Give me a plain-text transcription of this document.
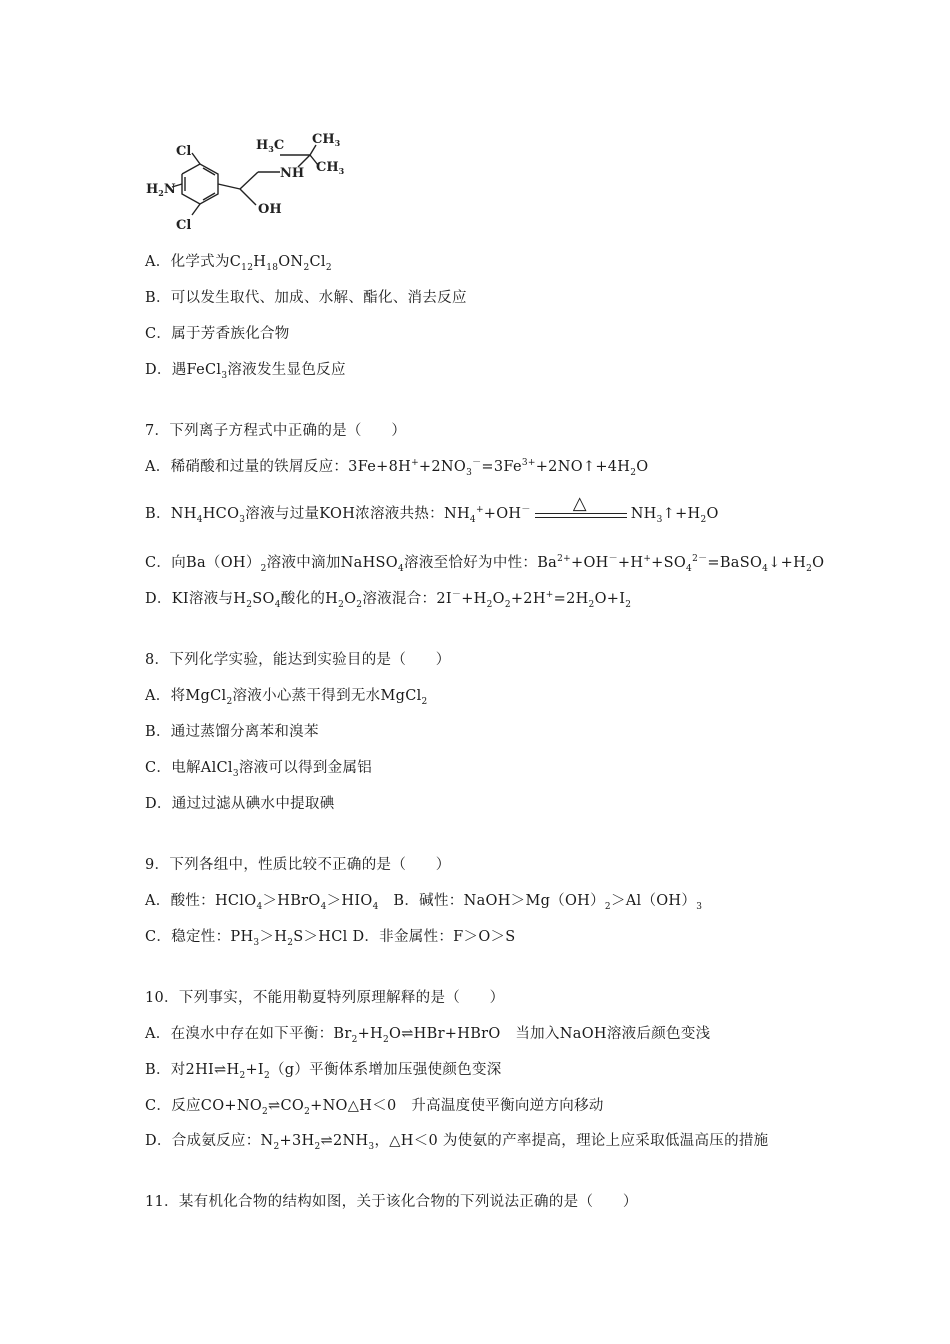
$H_2N$
Cl
Cl
NH
$H_3C$ $CH_3$
$CH_3$
OH
A．化学式为$C_{12}H_{18}ON_2Cl_2$
B．可以发生取代、加成、水解、酯化、消去反应
C．属于芳香族化合物
D．遇FeCl$_3$溶液发生显色反应
7．下列离子方程式中正确的是（　　）
A．稀硝酸和过量的铁屑反应：$3Fe+8H^++2NO_3^-=3Fe^{3+}+2NO↑+4H_2O$
B．$NH_4HCO_3$溶液与过量KOH浓溶液共热：$NH_4^++OH^-$ △	$NH_3↑+H_2O$
C．向$Ba(OH)_2$溶液中滴加NaHSO$_4$溶液至恰好为中性：$Ba^{2+}+OH^-+H^++SO_4^{2-}=BaSO_4↓+H_2O$
D．KI溶液与$H_2SO_4$酸化的$H_2O_2$溶液混合：$2I^-+H_2O_2+2H^+=2H_2O+I_2$
8．下列化学实验，能达到实验目的是（　　）
A．将MgCl$_2$溶液小心蒸干得到无水MgCl$_2$
B．通过蒸馏分离苯和溴苯
C．电解AlCl$_3$溶液可以得到金属铝
D．通过过滤从碘水中提取碘
9．下列各组中，性质比较不正确的是（　　）
A．酸性：$HClO_4>HBrO_4>HIO_4$　B．碱性：$NaOH>Mg(OH)_2>Al(OH)_3$
C．稳定性：$PH_3>H_2S>HCl$ D．非金属性：F＞O＞S
10．下列事实，不能用勒夏特列原理解释的是（　　）
A．在溴水中存在如下平衡：$Br_2+H_2O\rightleftharpoons HBr+HBrO$　当加入NaOH溶液后颜色变浅
B．对$2HI\rightleftharpoons H_2+I_2(g)$平衡体系增加压强使颜色变深
C．反应$CO+NO_2\rightleftharpoons CO_2+NO\triangle H<0$　升高温度使平衡向逆方向移动
D．合成氨反应：$N_2+3H_2\rightleftharpoons 2NH_3$，△H＜0 为使氨的产率提高，理论上应采取低温高压的措施
11．某有机化合物的结构如图，关于该化合物的下列说法正确的是（　　）
